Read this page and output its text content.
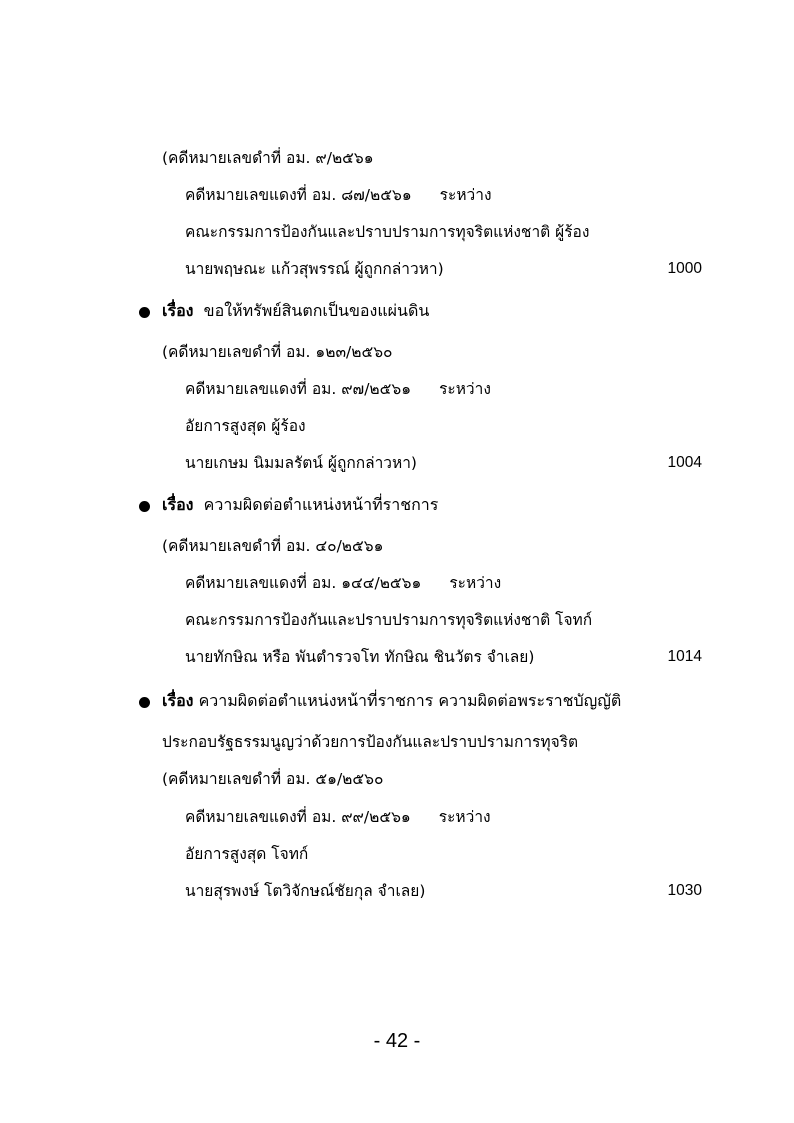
(คดีหมายเลขดำที่ อม. ๙/๒๕๖๑
คดีหมายเลขแดงที่ อม. ๘๗/๒๕๖๑ ระหว่าง
คณะกรรมการป้องกันและปราบปรามการทุจริตแห่งชาติ ผู้ร้อง
นายพฤษณะ แก้วสุพรรณ์ ผู้ถูกกล่าวหา)	1000
เรื่อง ขอให้ทรัพย์สินตกเป็นของแผ่นดิน
(คดีหมายเลขดำที่ อม. ๑๒๓/๒๕๖๐
คดีหมายเลขแดงที่ อม. ๙๗/๒๕๖๑ ระหว่าง
อัยการสูงสุด ผู้ร้อง
นายเกษม นิมมลรัตน์ ผู้ถูกกล่าวหา)	1004
เรื่อง ความผิดต่อตำแหน่งหน้าที่ราชการ
(คดีหมายเลขดำที่ อม. ๔๐/๒๕๖๑
คดีหมายเลขแดงที่ อม. ๑๔๔/๒๕๖๑ ระหว่าง
คณะกรรมการป้องกันและปราบปรามการทุจริตแห่งชาติ โจทก์
นายทักษิณ หรือ พันตำรวจโท ทักษิณ ชินวัตร จำเลย)	1014
เรื่อง ความผิดต่อตำแหน่งหน้าที่ราชการ ความผิดต่อพระราชบัญญัติ
ประกอบรัฐธรรมนูญว่าด้วยการป้องกันและปราบปรามการทุจริต
(คดีหมายเลขดำที่ อม. ๕๑/๒๕๖๐
คดีหมายเลขแดงที่ อม. ๙๙/๒๕๖๑ ระหว่าง
อัยการสูงสุด โจทก์
นายสุรพงษ์ โตวิจักษณ์ชัยกุล จำเลย)	1030
- 42 -
